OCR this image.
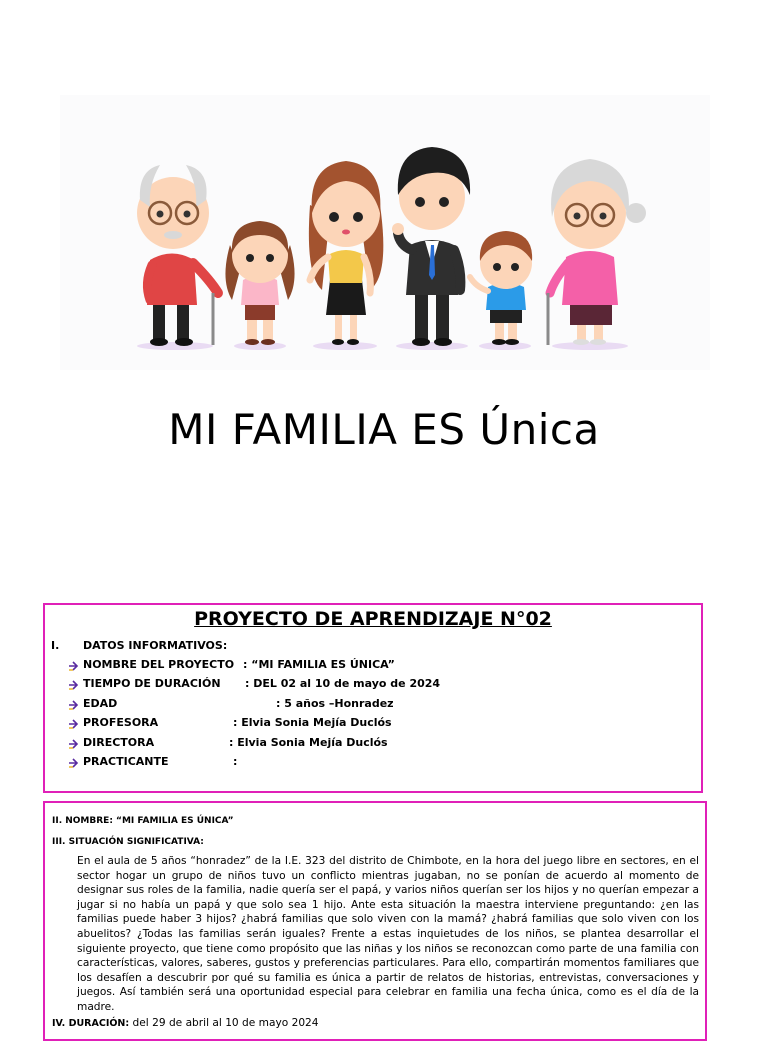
MI FAMILIA ES Única
PROYECTO DE APRENDIZAJE N°02
I. DATOS INFORMATIVOS:
NOMBRE DEL PROYECTO : “MI FAMILIA ES ÚNICA”
TIEMPO DE DURACIÓN : DEL 02 al 10 de mayo de 2024
EDAD	: 5 años –Honradez
PROFESORA	: Elvia Sonia Mejía Duclós
DIRECTORA	: Elvia Sonia Mejía Duclós
PRACTICANTE	:
II. NOMBRE: “MI FAMILIA ES ÚNICA”
III. SITUACIÓN SIGNIFICATIVA:

En el aula de 5 años “honradez” de la I.E. 323 del distrito de Chimbote, en la hora del juego libre en sectores, en el sector hogar un grupo de niños tuvo un conflicto mientras jugaban, no se ponían de acuerdo al momento de designar sus roles de la familia, nadie quería ser el papá, y varios niños querían ser los hijos y no querían empezar a jugar si no había un papá y que solo sea 1 hijo. Ante esta situación la maestra interviene preguntando: ¿en las familias puede haber 3 hijos? ¿habrá familias que solo viven con la mamá? ¿habrá familias que solo viven con los abuelitos? ¿Todas las familias serán iguales? Frente a estas inquietudes de los niños, se plantea desarrollar el siguiente proyecto, que tiene como propósito que las niñas y los niños se reconozcan como parte de una familia con características, valores, saberes, gustos y preferencias particulares. Para ello, compartirán momentos familiares que los desafíen a descubrir por qué su familia es única a partir de relatos de historias, entrevistas, conversaciones y juegos. Así también será una oportunidad especial para celebrar en familia una fecha única, como es el día de la madre.

IV. DURACIÓN: del 29 de abril al 10 de mayo 2024
